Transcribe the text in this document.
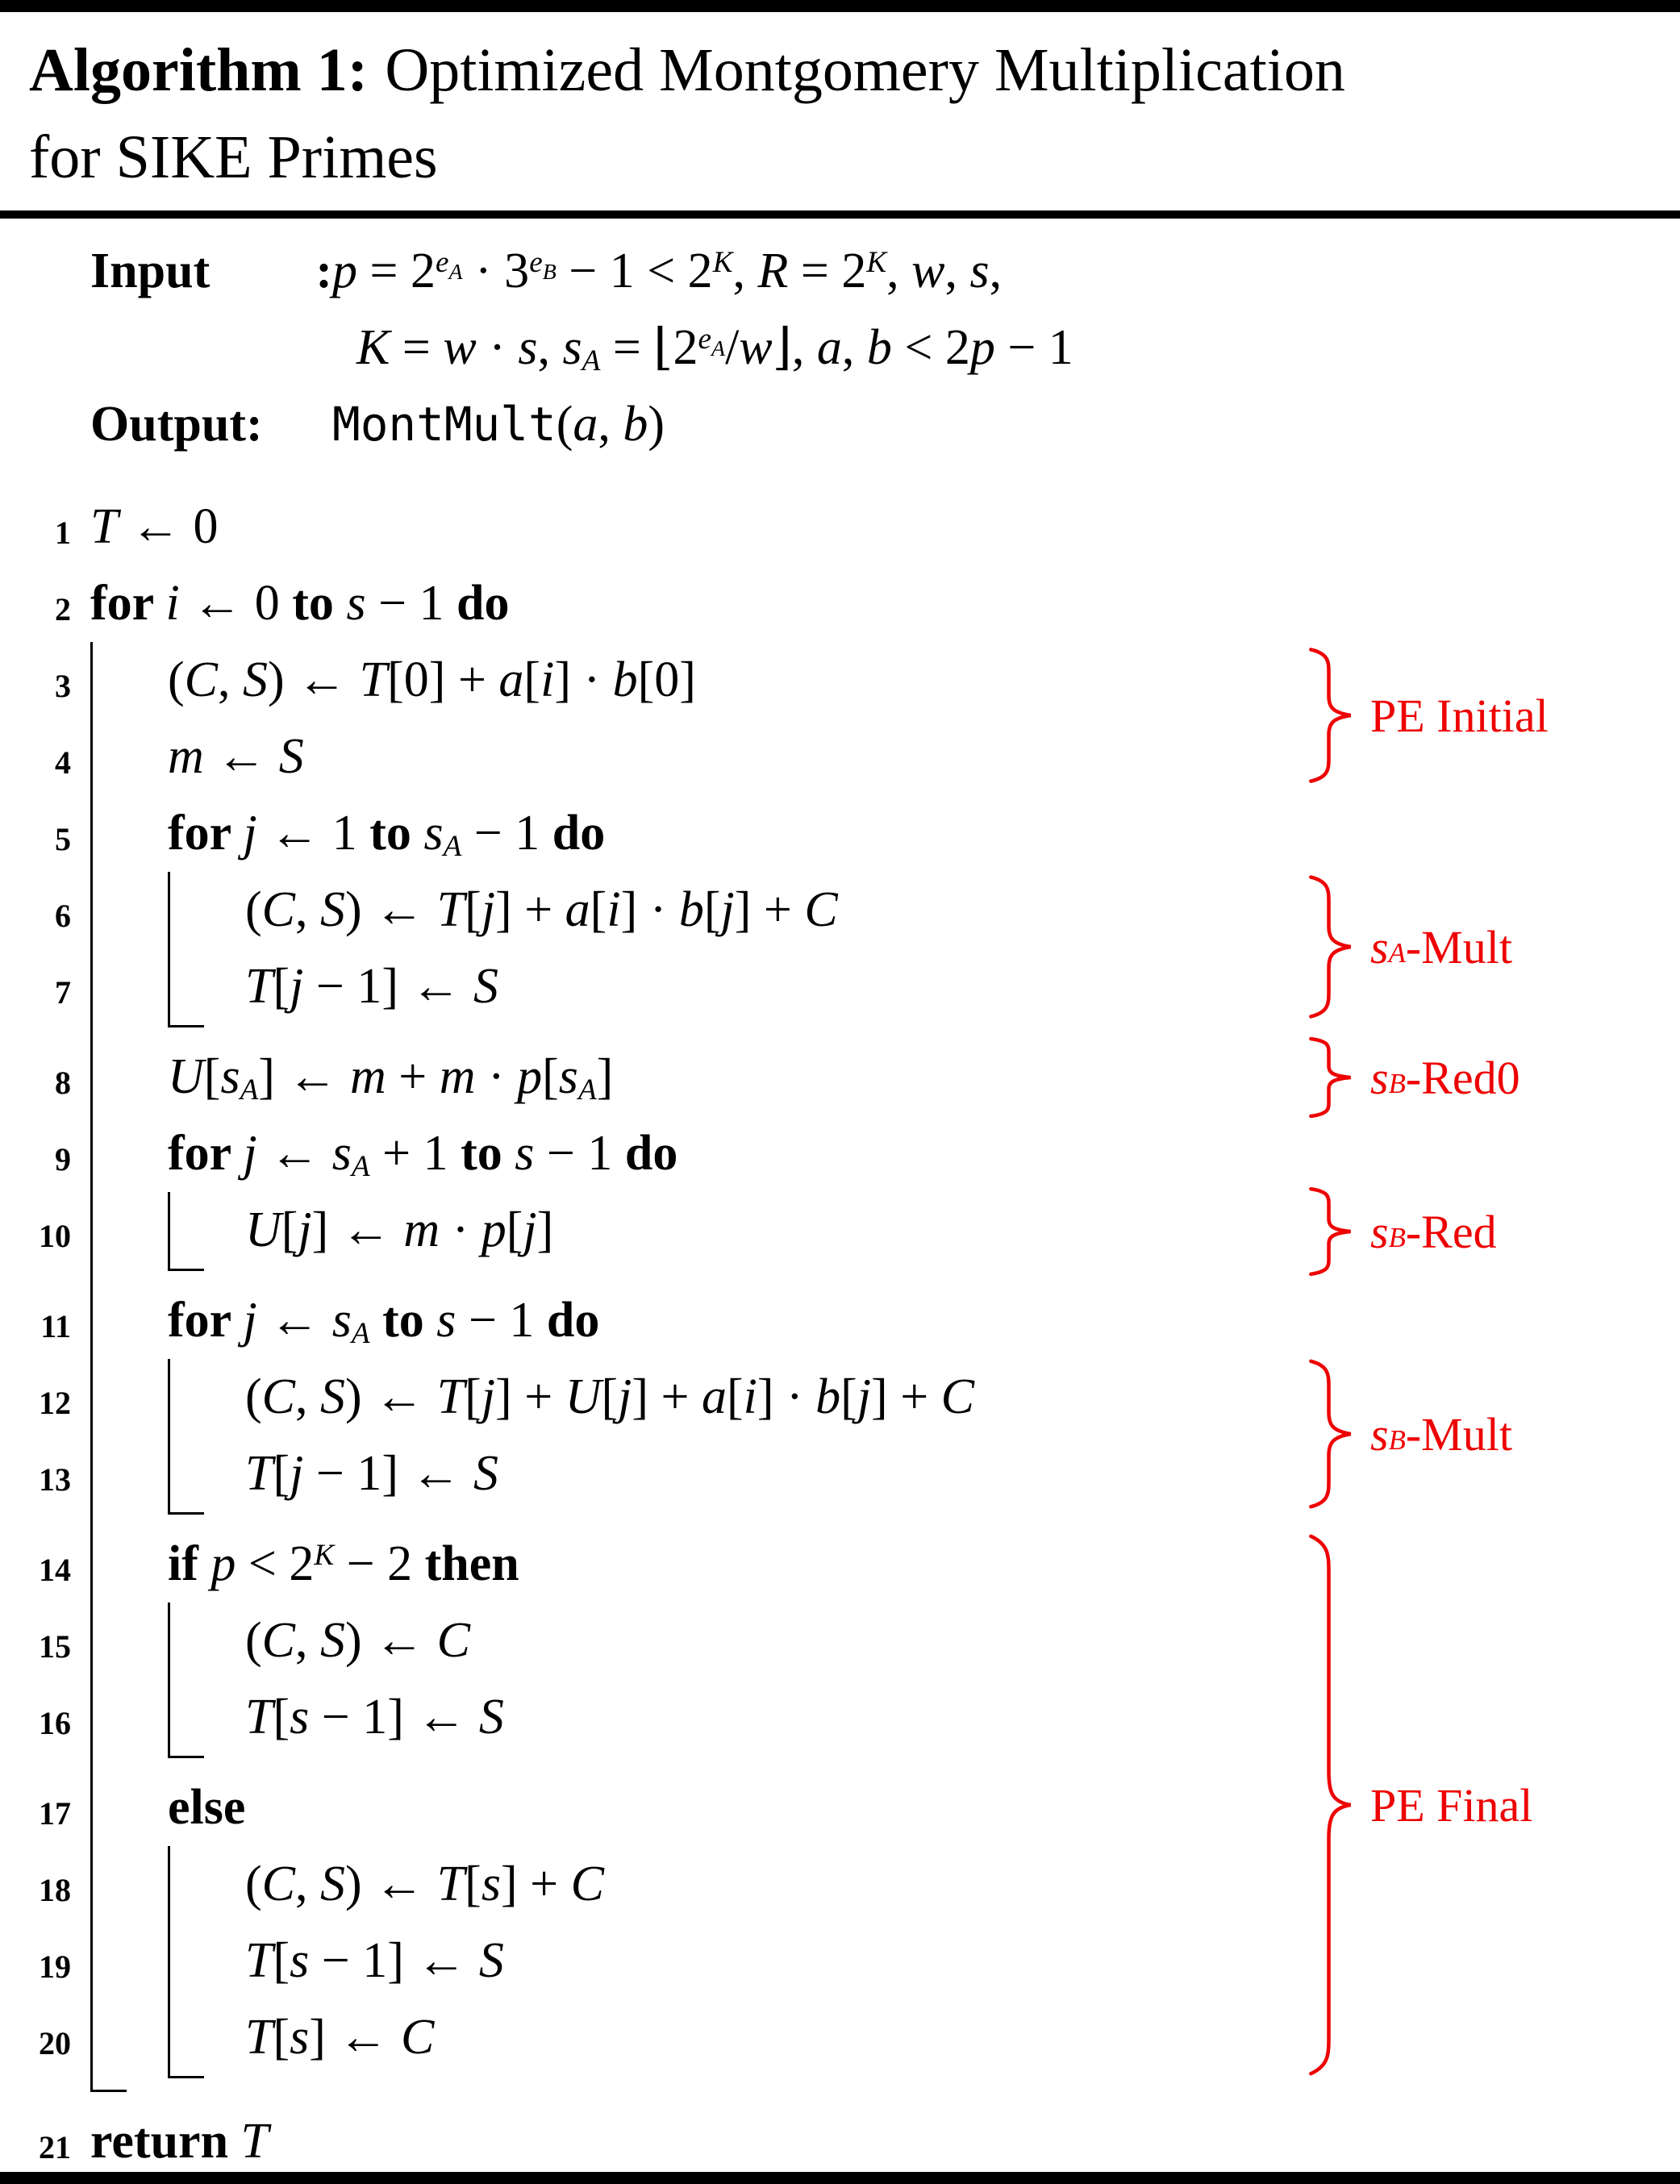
Algorithm 1: Optimized Montgomery Multiplication
for SIKE Primes
Input : $p = 2^{e_A} \cdot 3^{e_B} - 1 < 2^K$, $R = 2^K$, w, s,
K = w · s, $s_A$ = $⌊2^{e_A}/w⌋$, a, b < 2p − 1
Output: MontMult(a, b)
1 T ← 0
2 for i ← 0 to s − 1 do
3 (C, S) ← T[0] + a[i] · b[0]
4 m ← S
5 for j ← 1 to $s_A - 1$ do
6	(C, S) ← T[j] + a[i] · b[j] + C
7	T[j − 1] ← S
8 $U[s_A]$ ← $m + m \cdot p[s_A]$
9 for j ← $s_A + 1$ to s − 1 do
10	U[j] ← m · p[j]
11 for j ← $s_A$ to s − 1 do
12	(C, S) ← T[j] + U[j] + a[i] · b[j] + C
13	T[j − 1] ← S
14 if $p < 2^K - 2$ then
15	(C, S) ← C
16	T[s − 1] ← S
17 else
18	(C, S) ← T[s] + C
19	T[s − 1] ← S
20	T[s] ← C
21 return T
PE Initial
s $_A$ -Mult
s $_B$ -Red0
s $_B$ -Red
s $_B$ -Mult
PE Final
